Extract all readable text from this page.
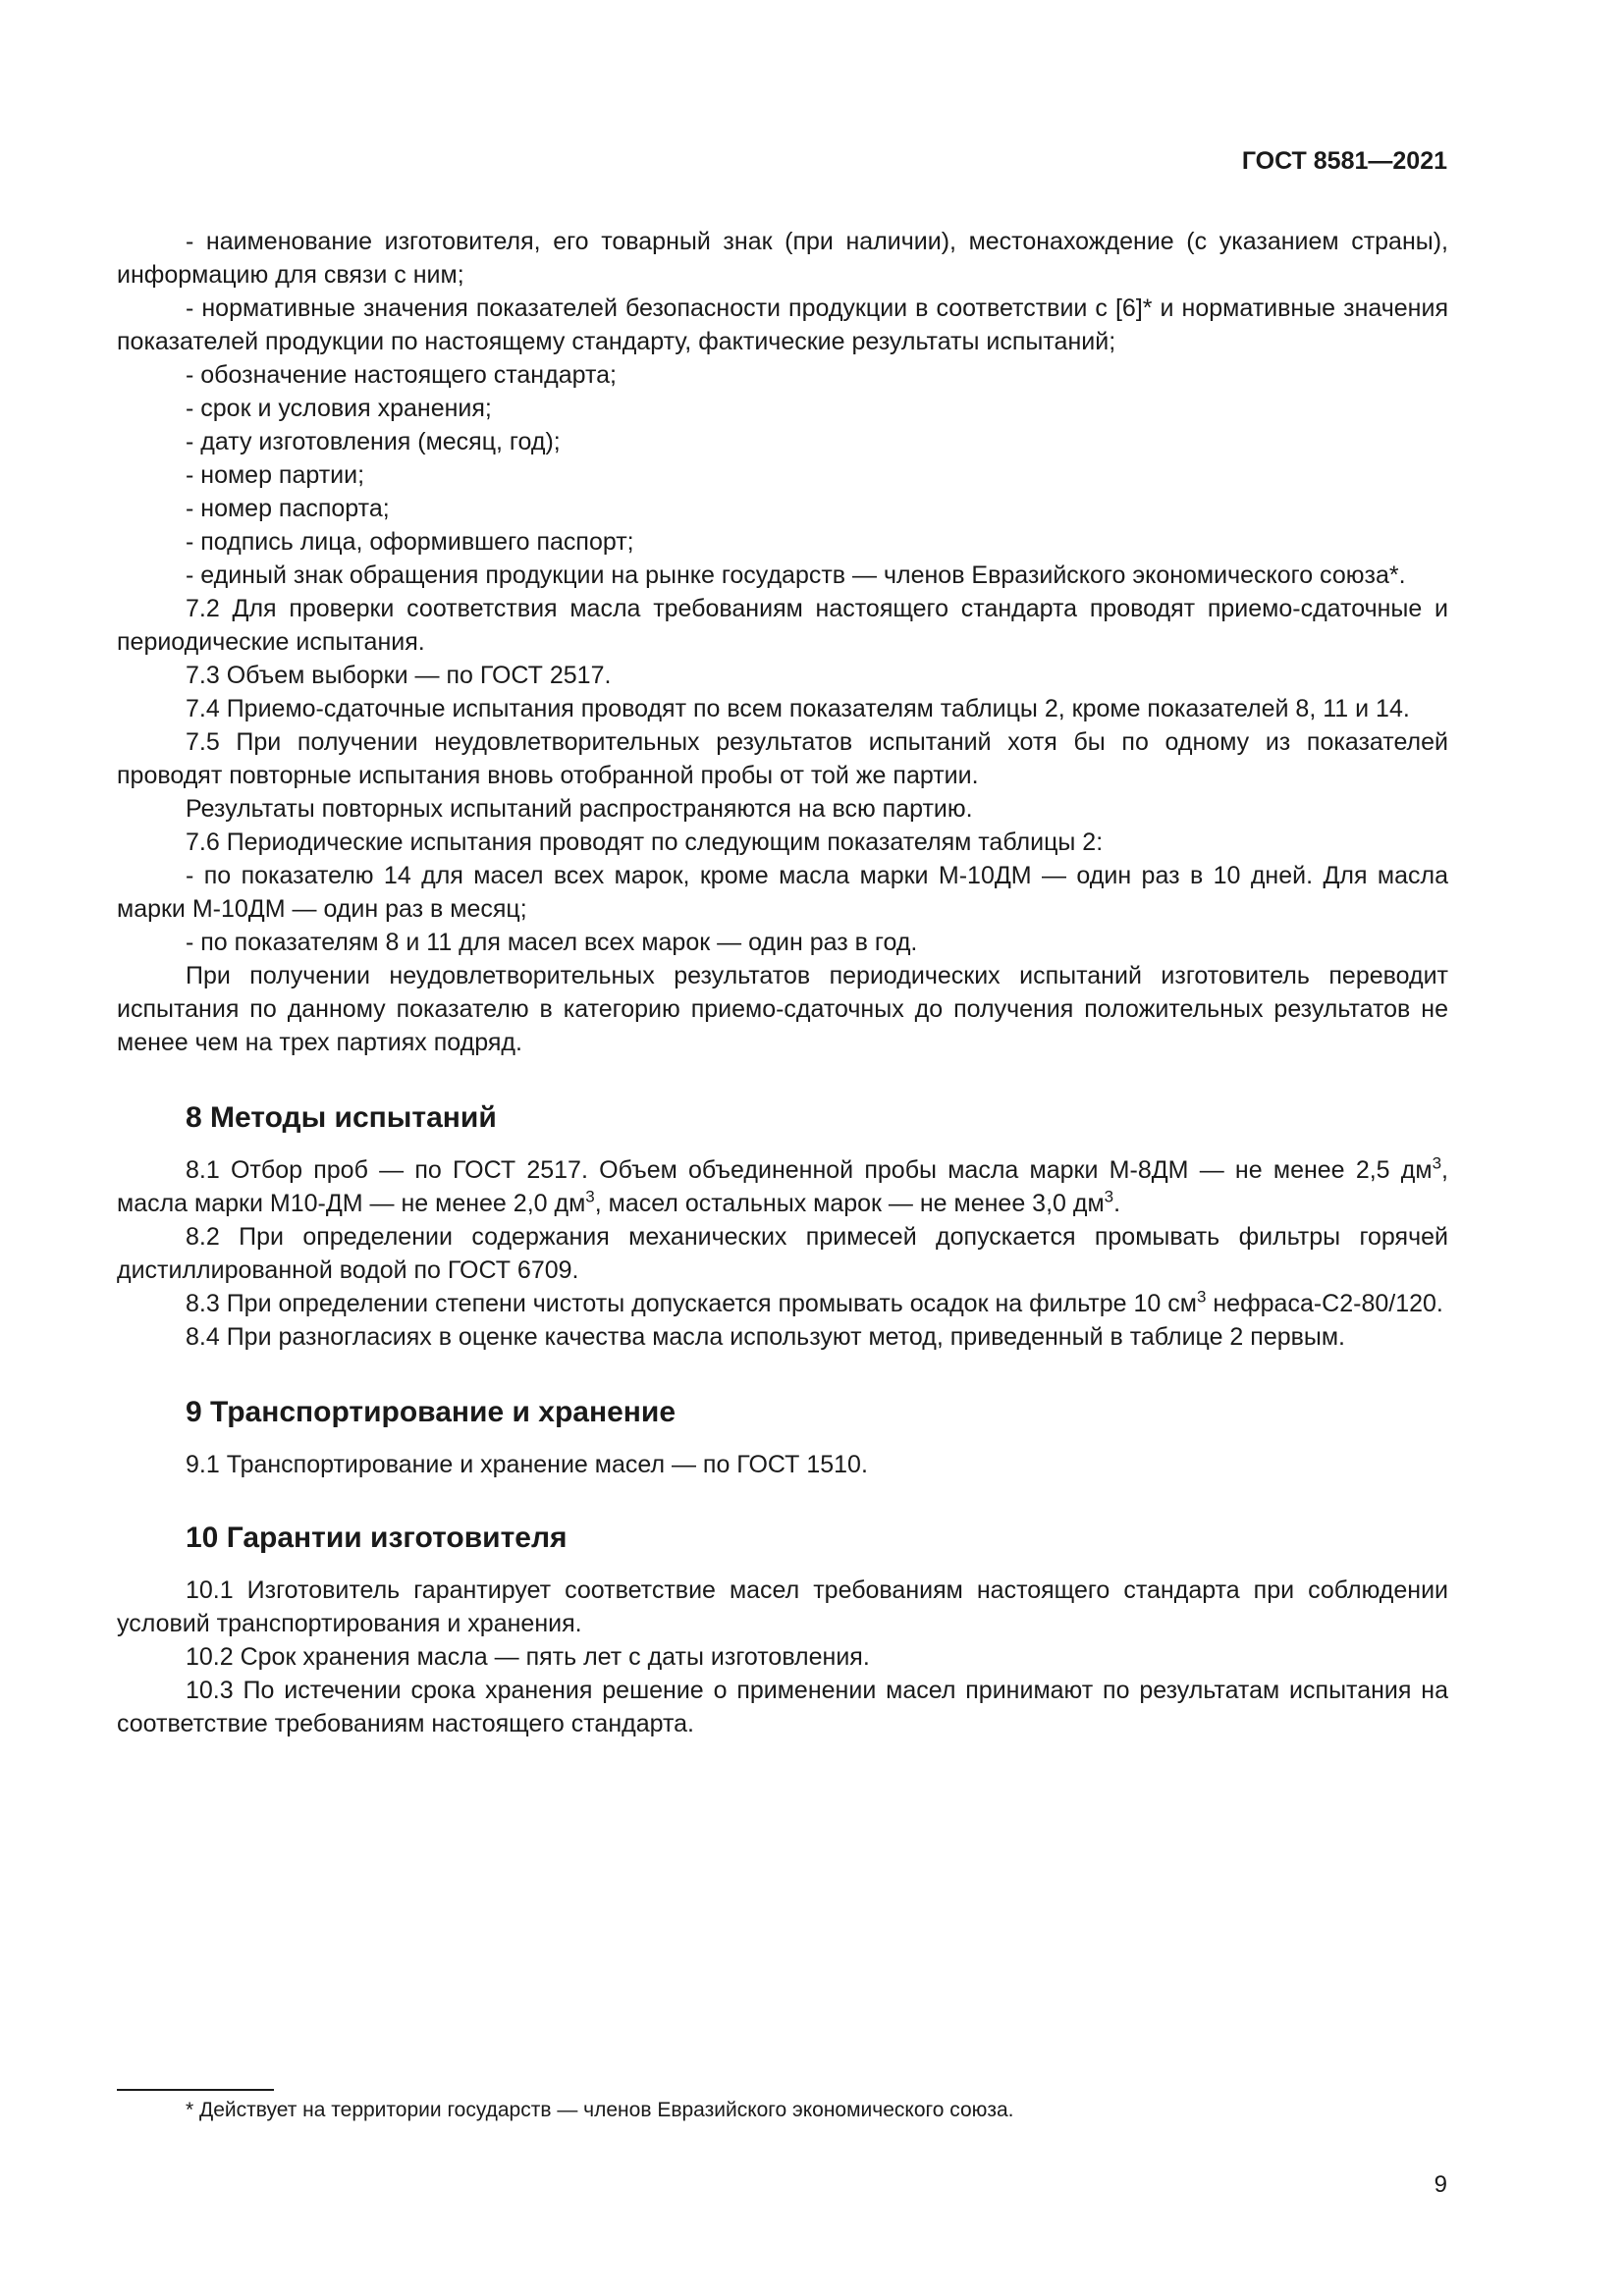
ГОСТ 8581—2021

- наименование изготовителя, его товарный знак (при наличии), местонахождение (с указанием страны), информацию для связи с ним;

- нормативные значения показателей безопасности продукции в соответствии с [6]* и нормативные значения показателей продукции по настоящему стандарту, фактические результаты испытаний;

- обозначение настоящего стандарта;

- срок и условия хранения;

- дату изготовления (месяц, год);

- номер партии;

- номер паспорта;

- подпись лица, оформившего паспорт;

- единый знак обращения продукции на рынке государств — членов Евразийского экономического союза*.

7.2 Для проверки соответствия масла требованиям настоящего стандарта проводят приемо-сдаточные и периодические испытания.

7.3 Объем выборки — по ГОСТ 2517.

7.4 Приемо-сдаточные испытания проводят по всем показателям таблицы 2, кроме показателей 8, 11 и 14.

7.5 При получении неудовлетворительных результатов испытаний хотя бы по одному из показателей проводят повторные испытания вновь отобранной пробы от той же партии.

Результаты повторных испытаний распространяются на всю партию.

7.6 Периодические испытания проводят по следующим показателям таблицы 2:

- по показателю 14 для масел всех марок, кроме масла марки М-10ДМ — один раз в 10 дней. Для масла марки М-10ДМ — один раз в месяц;

- по показателям 8 и 11 для масел всех марок — один раз в год.

При получении неудовлетворительных результатов периодических испытаний изготовитель переводит испытания по данному показателю в категорию приемо-сдаточных до получения положительных результатов не менее чем на трех партиях подряд.

8 Методы испытаний

8.1 Отбор проб — по ГОСТ 2517. Объем объединенной пробы масла марки М-8ДМ — не менее 2,5 $дм^3$, масла марки М10-ДМ — не менее 2,0 $дм^3$, масел остальных марок — не менее 3,0 $дм^3$.

8.2 При определении содержания механических примесей допускается промывать фильтры горячей дистиллированной водой по ГОСТ 6709.

8.3 При определении степени чистоты допускается промывать осадок на фильтре 10 $см^3$ нефраса-С2-80/120.

8.4 При разногласиях в оценке качества масла используют метод, приведенный в таблице 2 первым.

9 Транспортирование и хранение

9.1 Транспортирование и хранение масел — по ГОСТ 1510.

10 Гарантии изготовителя

10.1 Изготовитель гарантирует соответствие масел требованиям настоящего стандарта при соблюдении условий транспортирования и хранения.

10.2 Срок хранения масла — пять лет с даты изготовления.

10.3 По истечении срока хранения решение о применении масел принимают по результатам испытания на соответствие требованиям настоящего стандарта.

* Действует на территории государств — членов Евразийского экономического союза.
9
